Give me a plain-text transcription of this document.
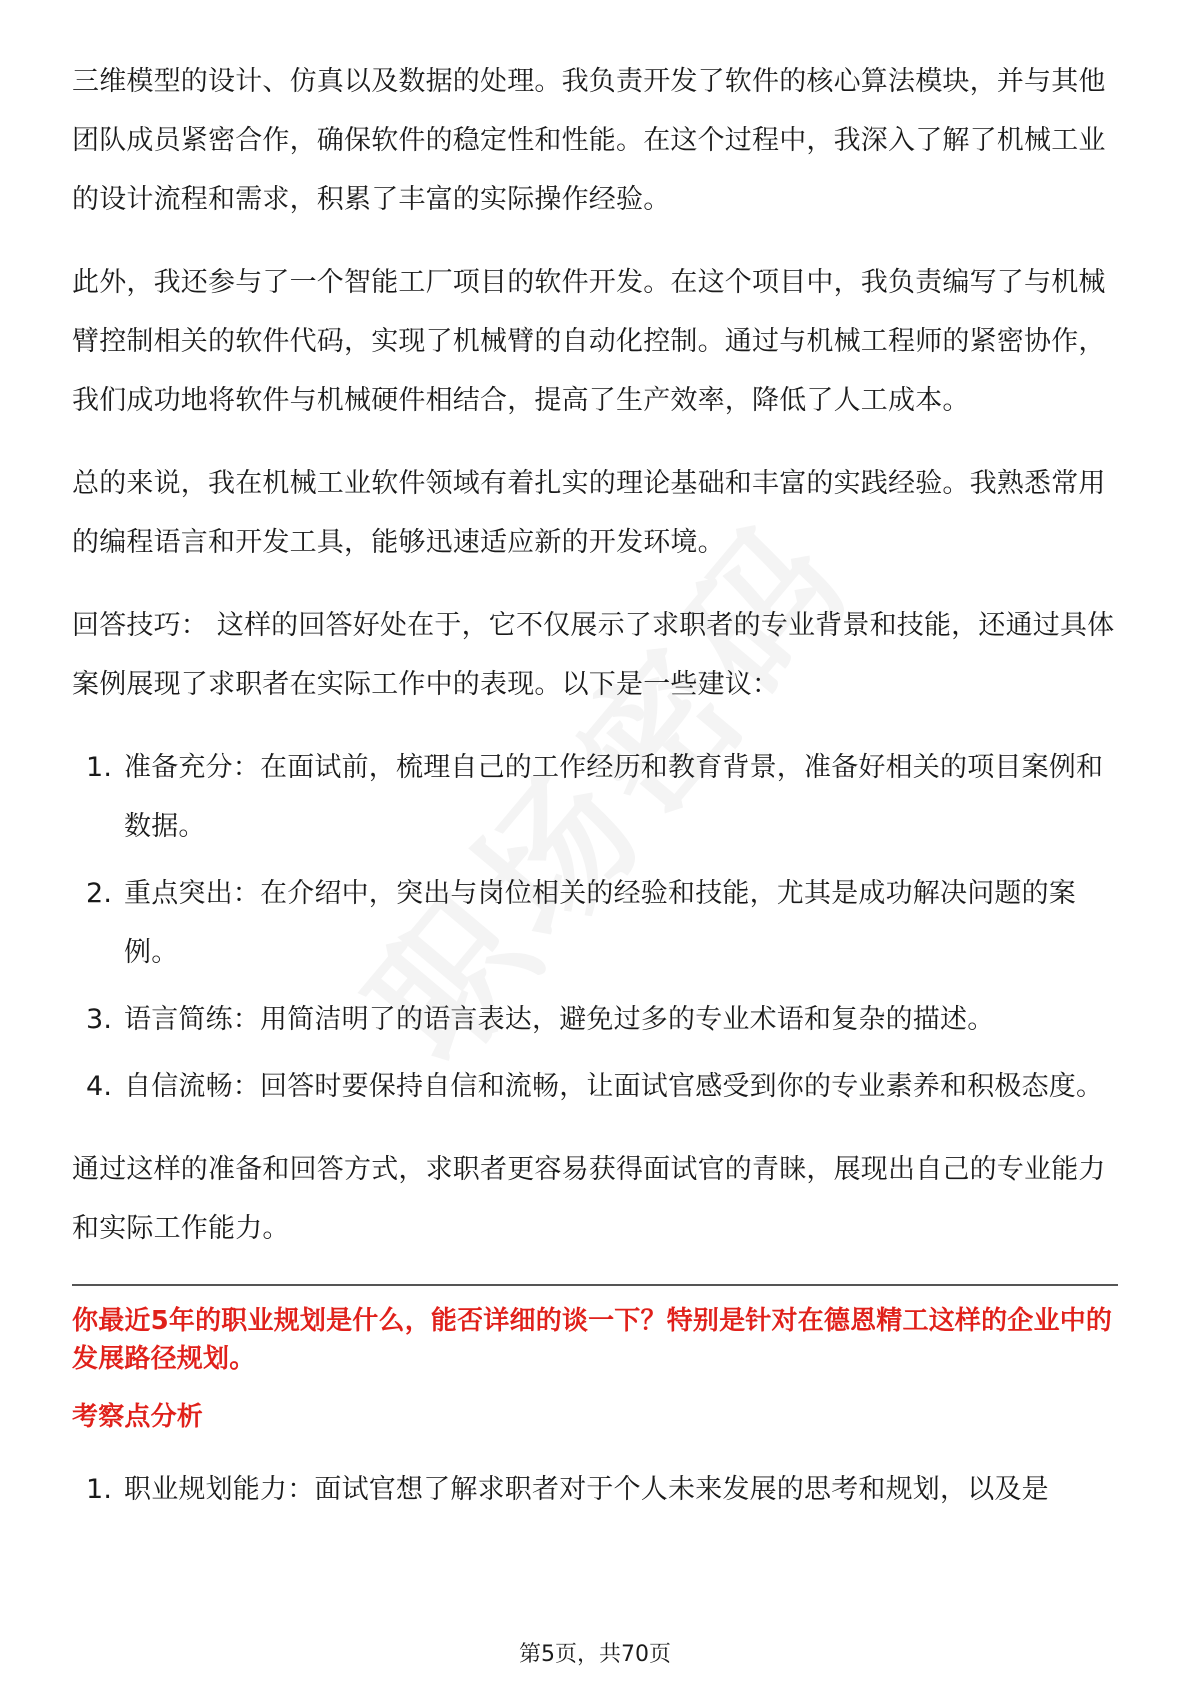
三维模型的设计、仿真以及数据的处理。我负责开发了软件的核心算法模块，并与其他团队成员紧密合作，确保软件的稳定性和性能。在这个过程中，我深入了解了机械工业的设计流程和需求，积累了丰富的实际操作经验。

此外，我还参与了一个智能工厂项目的软件开发。在这个项目中，我负责编写了与机械臂控制相关的软件代码，实现了机械臂的自动化控制。通过与机械工程师的紧密协作，我们成功地将软件与机械硬件相结合，提高了生产效率，降低了人工成本。

总的来说，我在机械工业软件领域有着扎实的理论基础和丰富的实践经验。我熟悉常用的编程语言和开发工具，能够迅速适应新的开发环境。

回答技巧： 这样的回答好处在于，它不仅展示了求职者的专业背景和技能，还通过具体案例展现了求职者在实际工作中的表现。以下是一些建议：

1. 准备充分：在面试前，梳理自己的工作经历和教育背景，准备好相关的项目案例和数据。
2. 重点突出：在介绍中，突出与岗位相关的经验和技能，尤其是成功解决问题的案例。
3. 语言简练：用简洁明了的语言表达，避免过多的专业术语和复杂的描述。
4. 自信流畅：回答时要保持自信和流畅，让面试官感受到你的专业素养和积极态度。

通过这样的准备和回答方式，求职者更容易获得面试官的青睐，展现出自己的专业能力和实际工作能力。

你最近5年的职业规划是什么，能否详细的谈一下？特别是针对在德恩精工这样的企业中的发展路径规划。
考察点分析
1. 职业规划能力：面试官想了解求职者对于个人未来发展的思考和规划，以及是
第5页，共70页
